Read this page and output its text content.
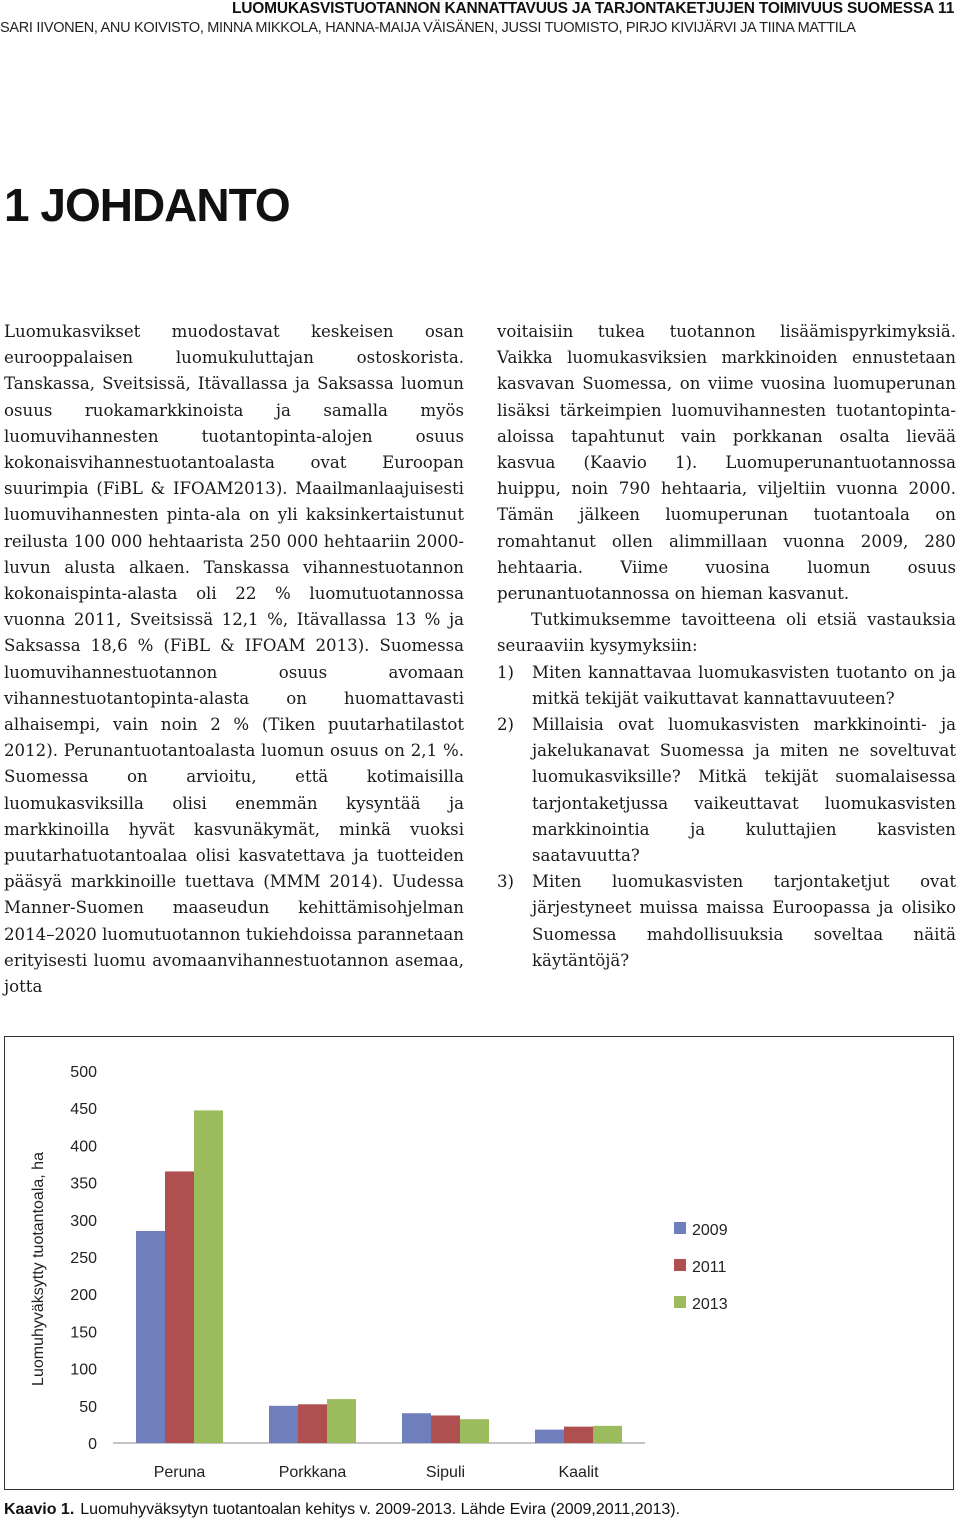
LUOMUKASVISTUOTANNON KANNATTAVUUS JA TARJONTAKETJUJEN TOIMIVUUS SUOMESSA 11
SARI IIVONEN, ANU KOIVISTO, MINNA MIKKOLA, HANNA-MAIJA VÄISÄNEN, JUSSI TUOMISTO, PIRJO KIVIJÄRVI JA TIINA MATTILA
1 JOHDANTO

Luomukasvikset muodostavat keskeisen osan eurooppalaisen luomukuluttajan ostoskorista. Tanskassa, Sveitsissä, Itävallassa ja Saksassa luomun osuus ruokamarkkinoista ja samalla myös luomuvihannesten tuotantopinta-alojen osuus kokonaisvihannestuotantoalasta ovat Euroopan suurimpia (FiBL & IFOAM2013). Maailmanlaajuisesti luomuvihannesten pinta-ala on yli kaksinkertaistunut reilusta 100 000 hehtaarista 250 000 hehtaariin 2000-luvun alusta alkaen. Tanskassa vihannestuotannon kokonaispinta-alasta oli 22 % luomutuotannossa vuonna 2011, Sveitsissä 12,1 %, Itävallassa 13 % ja Saksassa 18,6 % (FiBL & IFOAM 2013). Suomessa luomuvihannestuotannon osuus avomaan vihannestuotantopinta-alasta on huomattavasti alhaisempi, vain noin 2 % (Tiken puutarhatilastot 2012). Perunantuotantoalasta luomun osuus on 2,1 %. Suomessa on arvioitu, että kotimaisilla luomukasviksilla olisi enemmän kysyntää ja markkinoilla hyvät kasvunäkymät, minkä vuoksi puutarhatuotantoalaa olisi kasvatettava ja tuotteiden pääsyä markkinoille tuettava (MMM 2014). Uudessa Manner-Suomen maaseudun kehittämisohjelman 2014–2020 luomutuotannon tukiehdoissa parannetaan erityisesti luomu avomaanvihannestuotannon asemaa, jotta

voitaisiin tukea tuotannon lisäämispyrkimyksiä. Vaikka luomukasviksien markkinoiden ennustetaan kasvavan Suomessa, on viime vuosina luomuperunan lisäksi tärkeimpien luomuvihannesten tuotantopinta-aloissa tapahtunut vain porkkanan osalta lievää kasvua (Kaavio 1). Luomuperunantuotannossa huippu, noin 790 hehtaaria, viljeltiin vuonna 2000. Tämän jälkeen luomuperunan tuotantoala on romahtanut ollen alimmillaan vuonna 2009, 280 hehtaaria. Viime vuosina luomun osuus perunantuotannossa on hieman kasvanut.

Tutkimuksemme tavoitteena oli etsiä vastauksia seuraaviin kysymyksiin:

1) Miten kannattavaa luomukasvisten tuotanto on ja mitkä tekijät vaikuttavat kannattavuuteen?
2) Millaisia ovat luomukasvisten markkinointi- ja jakelukanavat Suomessa ja miten ne soveltuvat luomukasviksille? Mitkä tekijät suomalaisessa tarjontaketjussa vaikeuttavat luomukasvisten markkinointia ja kuluttajien kasvisten saatavuutta?
3) Miten luomukasvisten tarjontaketjut ovat järjestyneet muissa maissa Euroopassa ja olisiko Suomessa mahdollisuuksia soveltaa näitä käytäntöjä?
Luomuhyväksytty tuotantoala, ha
0
50
100
150
200
250
300
350
400
450
500
Peruna	Porkkana	Sipuli	Kaalit
2009
2011
2013
Kaavio 1. Luomuhyväksytyn tuotantoalan kehitys v. 2009-2013. Lähde Evira (2009,2011,2013).
